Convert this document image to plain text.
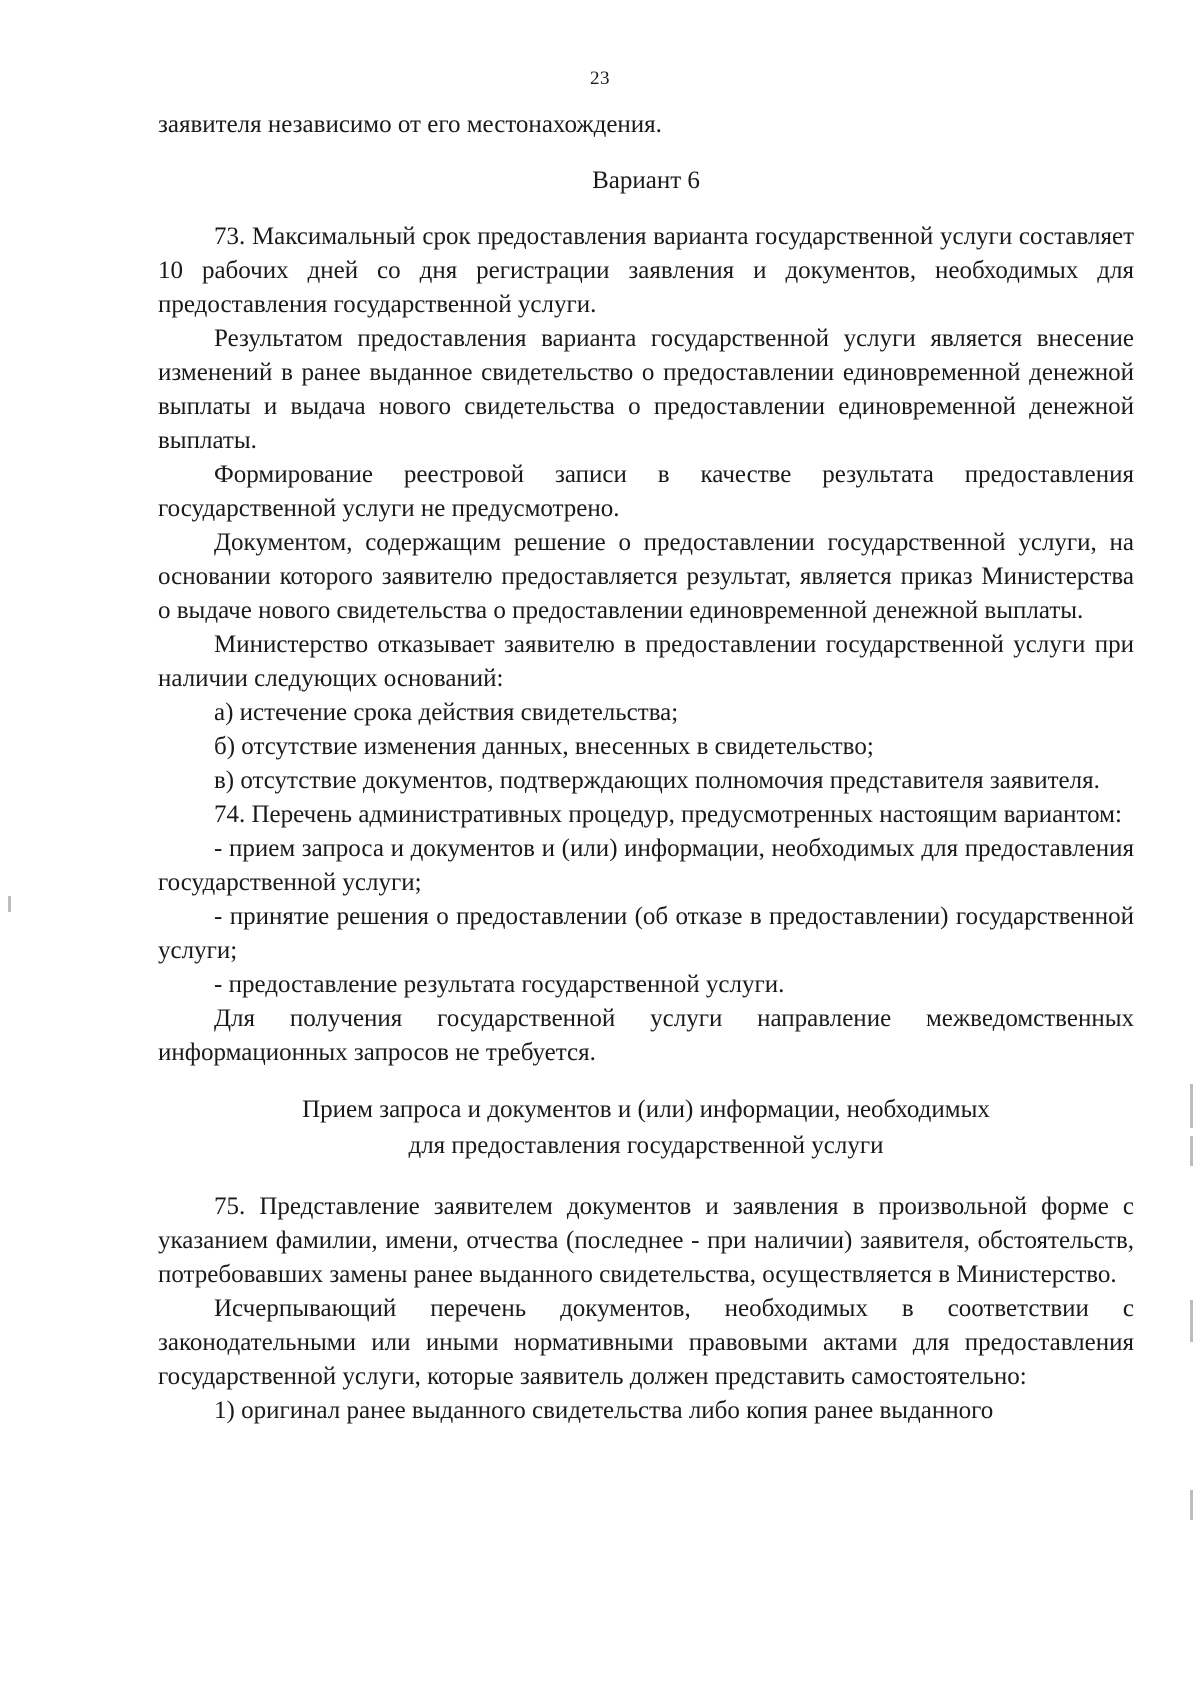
23

заявителя независимо от его местонахождения.

Вариант 6

73. Максимальный срок предоставления варианта государственной услуги составляет 10 рабочих дней со дня регистрации заявления и документов, необходимых для предоставления государственной услуги.

Результатом предоставления варианта государственной услуги является внесение изменений в ранее выданное свидетельство о предоставлении единовременной денежной выплаты и выдача нового свидетельства о предоставлении единовременной денежной выплаты.

Формирование реестровой записи в качестве результата предоставления государственной услуги не предусмотрено.

Документом, содержащим решение о предоставлении государственной услуги, на основании которого заявителю предоставляется результат, является приказ Министерства о выдаче нового свидетельства о предоставлении единовременной денежной выплаты.

Министерство отказывает заявителю в предоставлении государственной услуги при наличии следующих оснований:

а) истечение срока действия свидетельства;

б) отсутствие изменения данных, внесенных в свидетельство;

в) отсутствие документов, подтверждающих полномочия представителя заявителя.

74. Перечень административных процедур, предусмотренных настоящим вариантом:

- прием запроса и документов и (или) информации, необходимых для предоставления государственной услуги;

- принятие решения о предоставлении (об отказе в предоставлении) государственной услуги;

- предоставление результата государственной услуги.

Для получения государственной услуги направление межведомственных информационных запросов не требуется.

Прием запроса и документов и (или) информации, необходимых
для предоставления государственной услуги

75. Представление заявителем документов и заявления в произвольной форме с указанием фамилии, имени, отчества (последнее - при наличии) заявителя, обстоятельств, потребовавших замены ранее выданного свидетельства, осуществляется в Министерство.

Исчерпывающий перечень документов, необходимых в соответствии с законодательными или иными нормативными правовыми актами для предоставления государственной услуги, которые заявитель должен представить самостоятельно:

1) оригинал ранее выданного свидетельства либо копия ранее выданного
